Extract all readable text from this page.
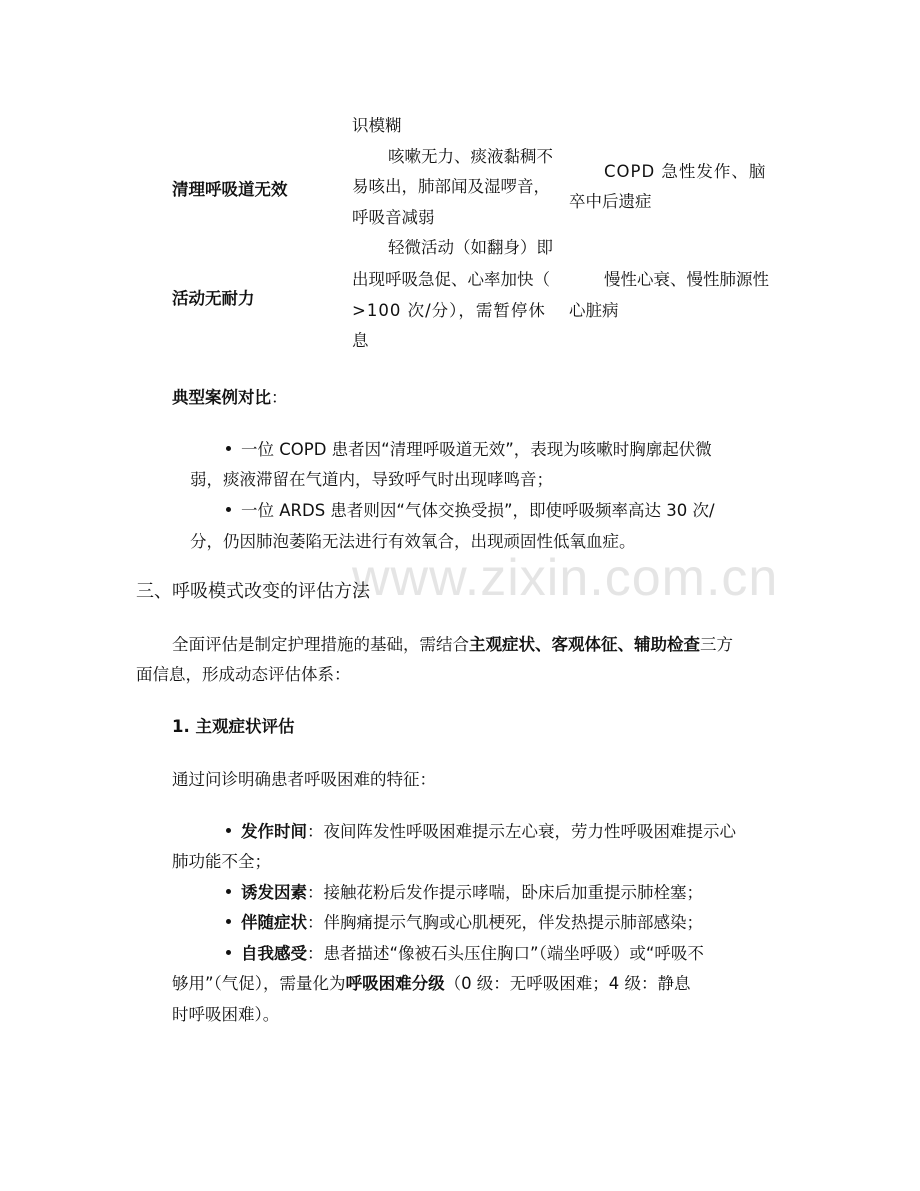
识模糊
清理呼吸道无效
咳嗽无力、痰液黏稠不
易咳出，肺部闻及湿啰音，
呼吸音减弱
COPD 急性发作、脑
卒中后遗症
活动无耐力
轻微活动（如翻身）即
出现呼吸急促、心率加快（
>100 次/分），需暂停休
息
慢性心衰、慢性肺源性
心脏病
典型案例对比：
一位 COPD 患者因“清理呼吸道无效”，表现为咳嗽时胸廓起伏微
弱，痰液滞留在气道内，导致呼气时出现哮鸣音；
一位 ARDS 患者则因“气体交换受损”，即使呼吸频率高达 30 次/
分，仍因肺泡萎陷无法进行有效氧合，出现顽固性低氧血症。
www.zixin.com.cn
三、呼吸模式改变的评估方法
全面评估是制定护理措施的基础，需结合主观症状、客观体征、辅助检查三方
面信息，形成动态评估体系：
1. 主观症状评估
通过问诊明确患者呼吸困难的特征：
发作时间：夜间阵发性呼吸困难提示左心衰，劳力性呼吸困难提示心
肺功能不全；
诱发因素：接触花粉后发作提示哮喘，卧床后加重提示肺栓塞；
伴随症状：伴胸痛提示气胸或心肌梗死，伴发热提示肺部感染；
自我感受：患者描述“像被石头压住胸口”（端坐呼吸）或“呼吸不
够用”（气促），需量化为呼吸困难分级（0 级：无呼吸困难；4 级：静息
时呼吸困难）。
